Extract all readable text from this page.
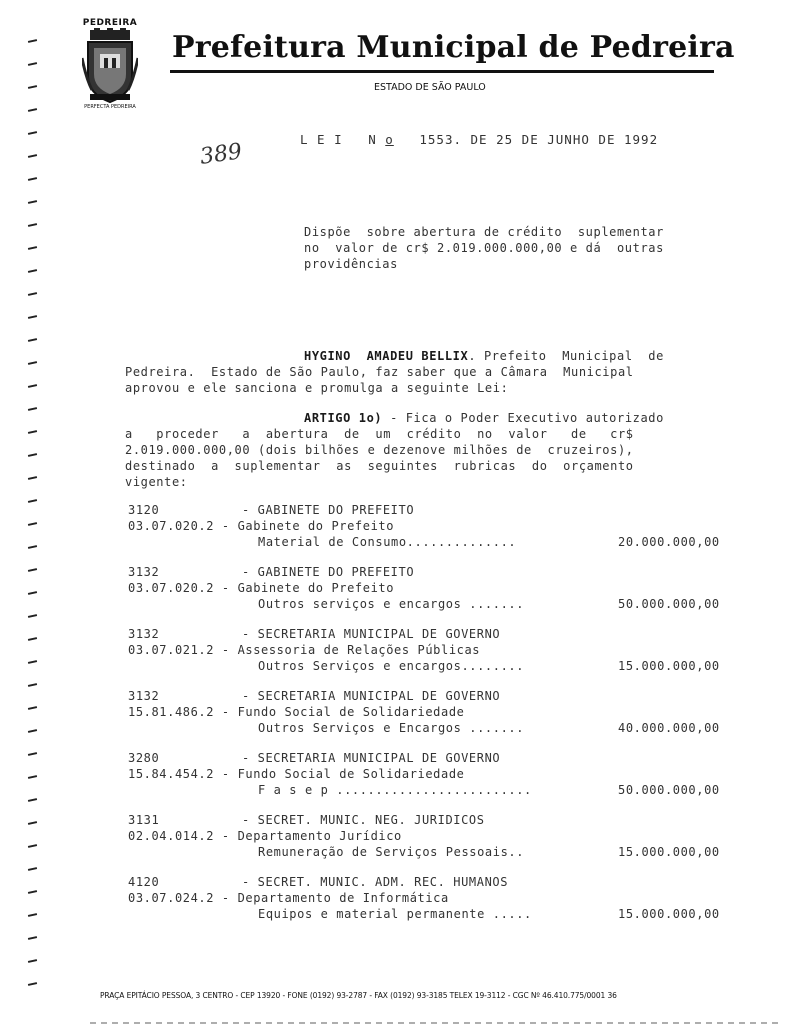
PEDREIRA
PERFECTA PEDREIRA
Prefeitura Municipal de Pedreira
ESTADO DE SÃO PAULO
389	L E I   N o   1553. DE 25 DE JUNHO DE 1992
Dispõe  sobre abertura de crédito  suplementar
no  valor de cr$ 2.019.000.000,00 e dá  outras
providências
HYGINO  AMADEU BELLIX. Prefeito  Municipal  de
Pedreira.  Estado de São Paulo, faz saber que a Câmara  Municipal
aprovou e ele sanciona e promulga a seguinte Lei:
ARTIGO 1o) - Fica o Poder Executivo autorizado
a   proceder   a  abertura  de  um  crédito  no  valor   de   cr$
2.019.000.000,00 (dois bilhões e dezenove milhões de  cruzeiros),
destinado  a  suplementar  as  seguintes  rubricas  do  orçamento
vigente:
3120	- GABINETE DO PREFEITO
03.07.020.2 - Gabinete do Prefeito
Material de Consumo..............	20.000.000,00
3132	- GABINETE DO PREFEITO
03.07.020.2 - Gabinete do Prefeito
Outros serviços e encargos .......	50.000.000,00
3132	- SECRETARIA MUNICIPAL DE GOVERNO
03.07.021.2 - Assessoria de Relações Públicas
Outros Serviços e encargos........	15.000.000,00
3132	- SECRETARIA MUNICIPAL DE GOVERNO
15.81.486.2 - Fundo Social de Solidariedade
Outros Serviços e Encargos .......	40.000.000,00
3280	- SECRETARIA MUNICIPAL DE GOVERNO
15.84.454.2 - Fundo Social de Solidariedade
F a s e p .........................	50.000.000,00
3131	- SECRET. MUNIC. NEG. JURIDICOS
02.04.014.2 - Departamento Jurídico
Remuneração de Serviços Pessoais..	15.000.000,00
4120	- SECRET. MUNIC. ADM. REC. HUMANOS
03.07.024.2 - Departamento de Informática
Equipos e material permanente .....	15.000.000,00
PRAÇA EPITÁCIO PESSOA, 3 CENTRO - CEP 13920 - FONE (0192) 93-2787 - FAX (0192) 93-3185 TELEX 19-3112 - CGC Nº 46.410.775/0001 36
